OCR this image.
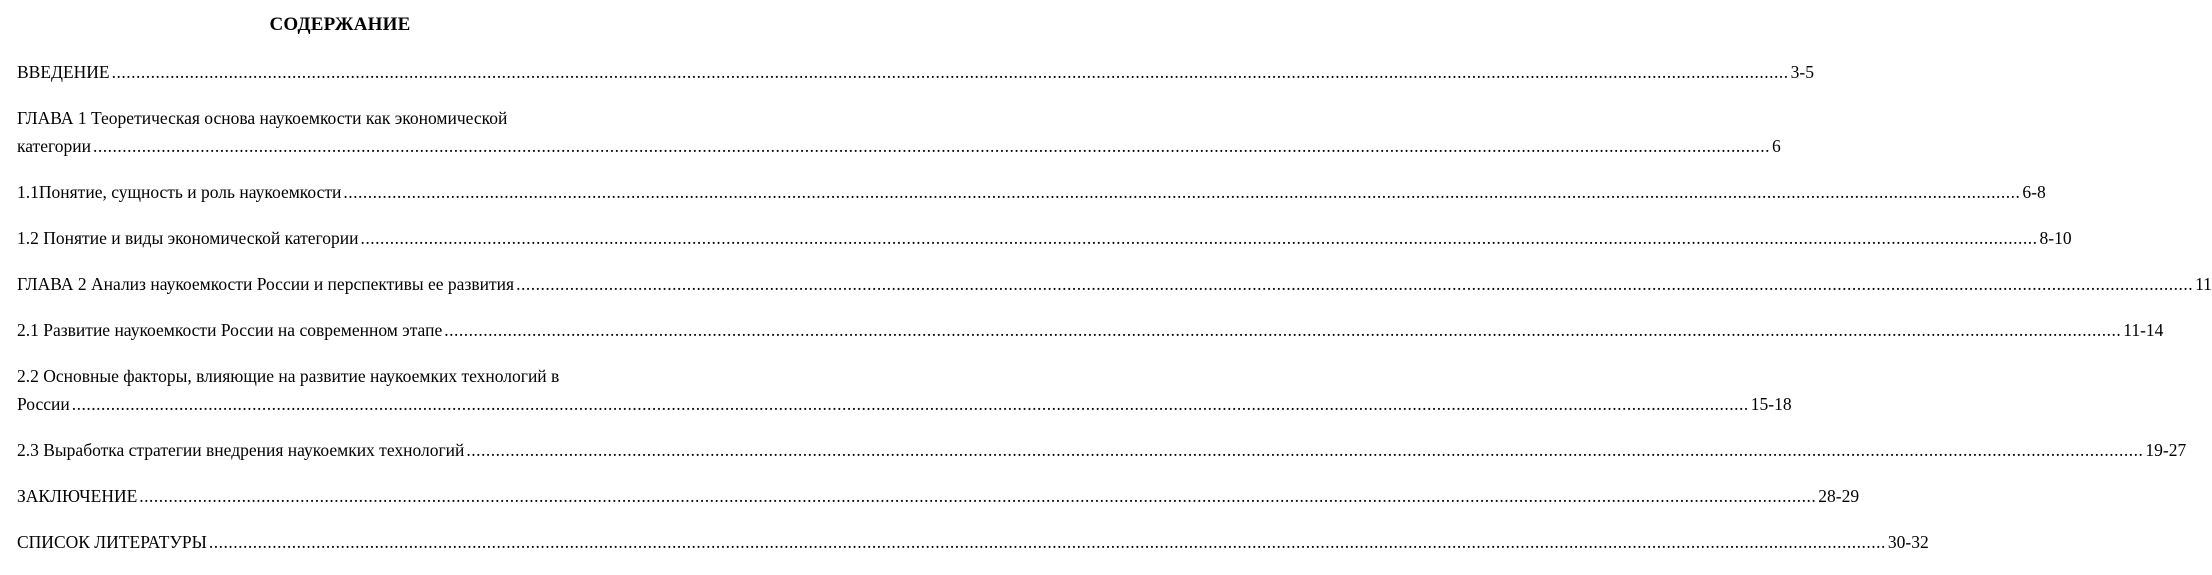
СОДЕРЖАНИЕ
ВВЕДЕНИЕ .....	3-5
ГЛАВА 1 Теоретическая основа наукоемкости как экономической
категории .....	6
1.1Понятие, сущность и роль наукоемкости .....	6-8
1.2 Понятие и виды экономической категории .....	8-10
ГЛАВА 2 Анализ наукоемкости России и перспективы ее развития .....	11
2.1 Развитие наукоемкости России на современном этапе .....	11-14
2.2 Основные факторы, влияющие на развитие наукоемких технологий в
России .....	15-18
2.3 Выработка стратегии внедрения наукоемких технологий .....	19-27
ЗАКЛЮЧЕНИЕ .....	28-29
СПИСОК ЛИТЕРАТУРЫ .....	30-32
